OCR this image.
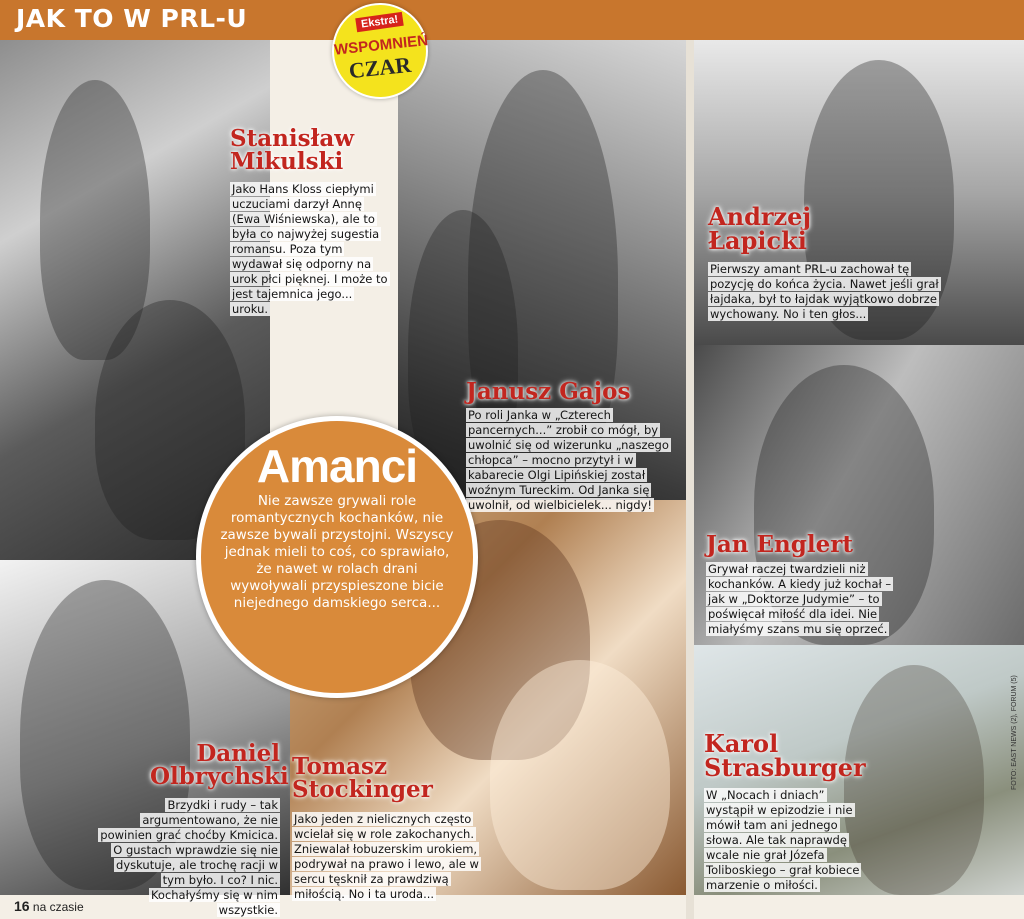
JAK TO W PRL-U	Ekstra!
WSPOMNIEŃ
CZAR
Stanisław
Mikulski
Jako Hans Kloss ciepłymi uczuciami darzył Annę (Ewa Wiśniewska), ale to była co najwyżej sugestia romansu. Poza tym wydawał się odporny na urok płci pięknej. I może to jest tajemnica jego... uroku.
Andrzej
Łapicki
Pierwszy amant PRL-u zachował tę pozycję do końca życia. Nawet jeśli grał łajdaka, był to łajdak wyjątkowo dobrze wychowany. No i ten głos...
Janusz Gajos
Po roli Janka w „Czterech pancernych...” zrobił co mógł, by uwolnić się od wizerunku „naszego chłopca” – mocno przytył i w kabarecie Olgi Lipińskiej został woźnym Tureckim. Od Janka się uwolnił, od wielbicielek... nigdy!
Jan Englert
Grywał raczej twardzieli niż kochanków. A kiedy już kochał – jak w „Doktorze Judymie” – to poświęcał miłość dla idei. Nie miałyśmy szans mu się oprzeć.
Amanci
Nie zawsze grywali role romantycznych kochanków, nie zawsze bywali przystojni. Wszyscy jednak mieli to coś, co sprawiało, że nawet w rolach drani wywoływali przyspieszone bicie niejednego damskiego serca...
Daniel
Olbrychski
Brzydki i rudy – tak argumentowano, że nie powinien grać choćby Kmicica. O gustach wprawdzie się nie dyskutuje, ale trochę racji w tym było. I co? I nic. Kochałyśmy się w nim wszystkie.
Tomasz
Stockinger
Jako jeden z nielicznych często wcielał się w role zakochanych. Zniewalał łobuzerskim urokiem, podrywał na prawo i lewo, ale w sercu tęsknił za prawdziwą miłością. No i ta uroda...
Karol
Strasburger
W „Nocach i dniach” wystąpił w epizodzie i nie mówił tam ani jednego słowa. Ale tak naprawdę wcale nie grał Józefa Toliboskiego – grał kobiece marzenie o miłości.
16 na czasie
FOTO: EAST NEWS (2), FORUM (5)
